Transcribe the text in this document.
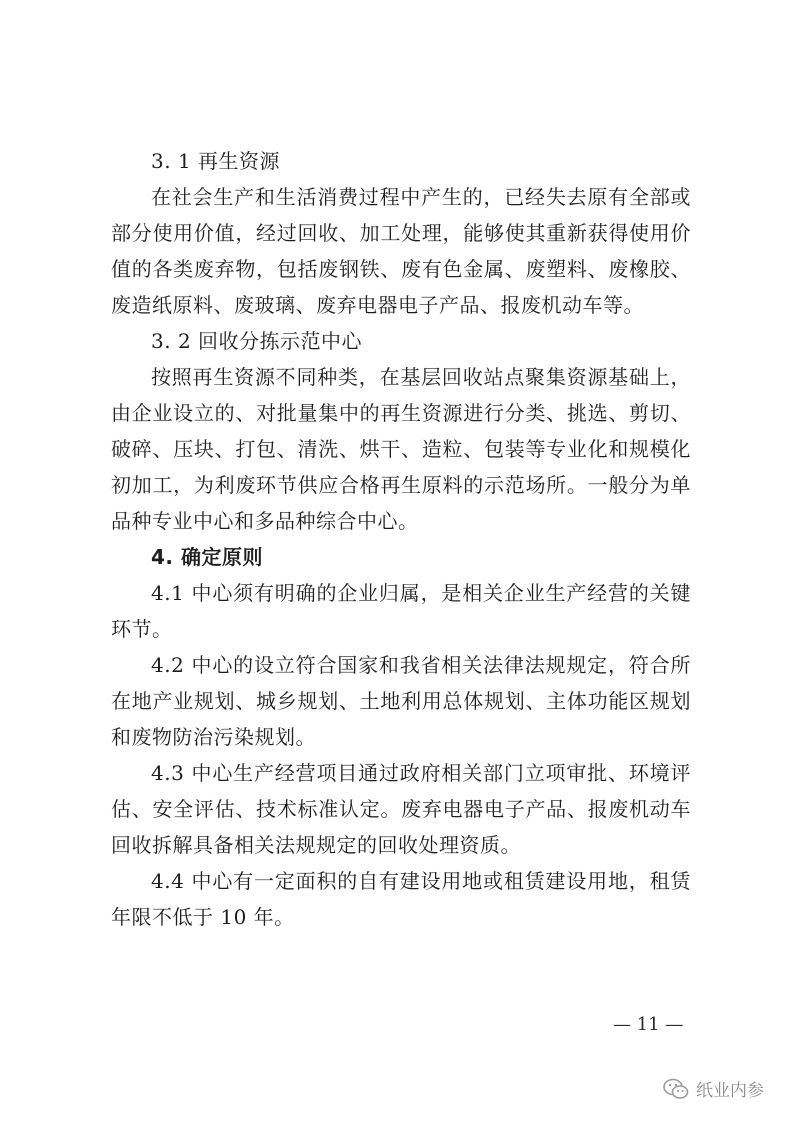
3. 1 再生资源
在社会生产和生活消费过程中产生的，已经失去原有全部或部分使用价值，经过回收、加工处理，能够使其重新获得使用价值的各类废弃物，包括废钢铁、废有色金属、废塑料、废橡胶、废造纸原料、废玻璃、废弃电器电子产品、报废机动车等。
3. 2 回收分拣示范中心
按照再生资源不同种类，在基层回收站点聚集资源基础上，由企业设立的、对批量集中的再生资源进行分类、挑选、剪切、破碎、压块、打包、清洗、烘干、造粒、包装等专业化和规模化初加工，为利废环节供应合格再生原料的示范场所。一般分为单品种专业中心和多品种综合中心。
4. 确定原则
4.1 中心须有明确的企业归属，是相关企业生产经营的关键环节。
4.2 中心的设立符合国家和我省相关法律法规规定，符合所在地产业规划、城乡规划、土地利用总体规划、主体功能区规划和废物防治污染规划。
4.3 中心生产经营项目通过政府相关部门立项审批、环境评估、安全评估、技术标准认定。废弃电器电子产品、报废机动车回收拆解具备相关法规规定的回收处理资质。
4.4 中心有一定面积的自有建设用地或租赁建设用地，租赁年限不低于 10 年。
— 11 —
纸业内参
